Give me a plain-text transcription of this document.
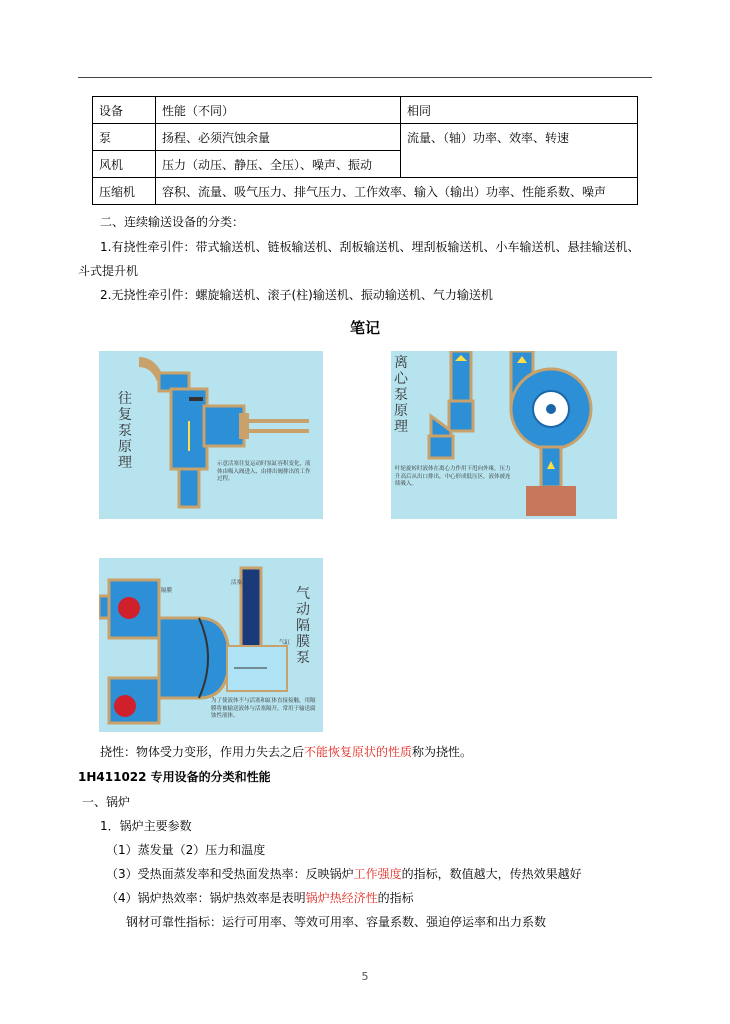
设备	性能（不同）	相同
泵	扬程、必须汽蚀余量	流量、（轴）功率、效率、转速
风机	压力（动压、静压、全压）、噪声、振动	
压缩机	容积、流量、吸气压力、排气压力、工作效率、输入（输出）功率、性能系数、噪声	
二、连续输送设备的分类：
1.有挠性牵引件：带式输送机、链板输送机、刮板输送机、埋刮板输送机、小车输送机、悬挂输送机、
斗式提升机
2.无挠性牵引件：螺旋输送机、滚子(柱)输送机、振动输送机、气力输送机
笔记
往复泵原理	示意活塞往复运动时泵缸容积变化，液体由吸入阀进入、由排出阀排出的工作过程。
离心泵原理
叶轮旋转时液体在离心力作用下甩向外缘，压力升高后从出口排出，中心形成低压区，液体被连续吸入。
气动隔膜泵
隔膜
活塞
气缸
为了使液体不与活塞和缸体直接接触，用隔膜将被输送液体与活塞隔开，常用于输送腐蚀性液体。
挠性：物体受力变形，作用力失去之后不能恢复原状的性质称为挠性。
1H411022 专用设备的分类和性能
一、锅炉
1．锅炉主要参数
（1）蒸发量（2）压力和温度
（3）受热面蒸发率和受热面发热率：反映锅炉工作强度的指标，数值越大，传热效果越好
（4）锅炉热效率：锅炉热效率是表明锅炉热经济性的指标
钢材可靠性指标：运行可用率、等效可用率、容量系数、强迫停运率和出力系数
5
